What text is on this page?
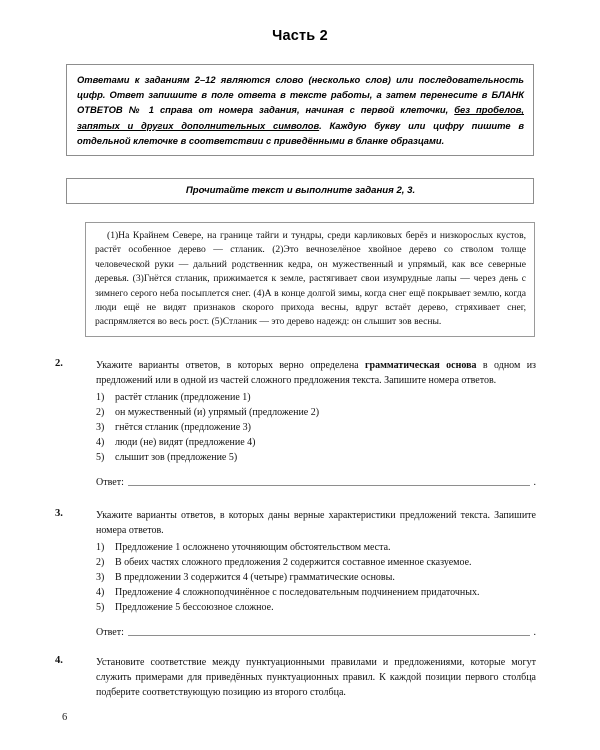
Часть 2

Ответами к заданиям 2–12 являются слово (несколько слов) или последовательность цифр. Ответ запишите в поле ответа в тексте работы, а затем перенесите в БЛАНК ОТВЕТОВ № 1 справа от номера задания, начиная с первой клеточки, без пробелов, запятых и других дополнительных символов. Каждую букву или цифру пишите в отдельной клеточке в соответствии с приведёнными в бланке образцами.

Прочитайте текст и выполните задания 2, 3.

(1)На Крайнем Севере, на границе тайги и тундры, среди карликовых берёз и низкорослых кустов, растёт особенное дерево — стланик. (2)Это вечнозелёное хвойное дерево со стволом толще человеческой руки — дальний родственник кедра, он мужественный и упрямый, как все северные деревья. (3)Гнётся стланик, прижимается к земле, растягивает свои изумрудные лапы — через день с зимнего серого неба посыплется снег. (4)А в конце долгой зимы, когда снег ещё покрывает землю, когда люди ещё не видят признаков скорого прихода весны, вдруг встаёт дерево, стряхивает снег, распрямляется во весь рост. (5)Стланик — это дерево надежд: он слышит зов весны.

2.	Укажите варианты ответов, в которых верно определена грамматическая основа в одном из предложений или в одной из частей сложного предложения текста. Запишите номера ответов.

1) растёт стланик (предложение 1)
2) он мужественный (и) упрямый (предложение 2)
3) гнётся стланик (предложение 3)
4) люди (не) видят (предложение 4)
5) слышит зов (предложение 5)
Ответ:	.
3.	Укажите варианты ответов, в которых даны верные характеристики предложений текста. Запишите номера ответов.

1) Предложение 1 осложнено уточняющим обстоятельством места.
2) В обеих частях сложного предложения 2 содержится составное именное сказуемое.
3) В предложении 3 содержится 4 (четыре) грамматические основы.
4) Предложение 4 сложноподчинённое с последовательным подчинением придаточных.
5) Предложение 5 бессоюзное сложное.
Ответ:	.
4.	Установите соответствие между пунктуационными правилами и предложениями, которые могут служить примерами для приведённых пунктуационных правил. К каждой позиции первого столбца подберите соответствующую позицию из второго столбца.

6
